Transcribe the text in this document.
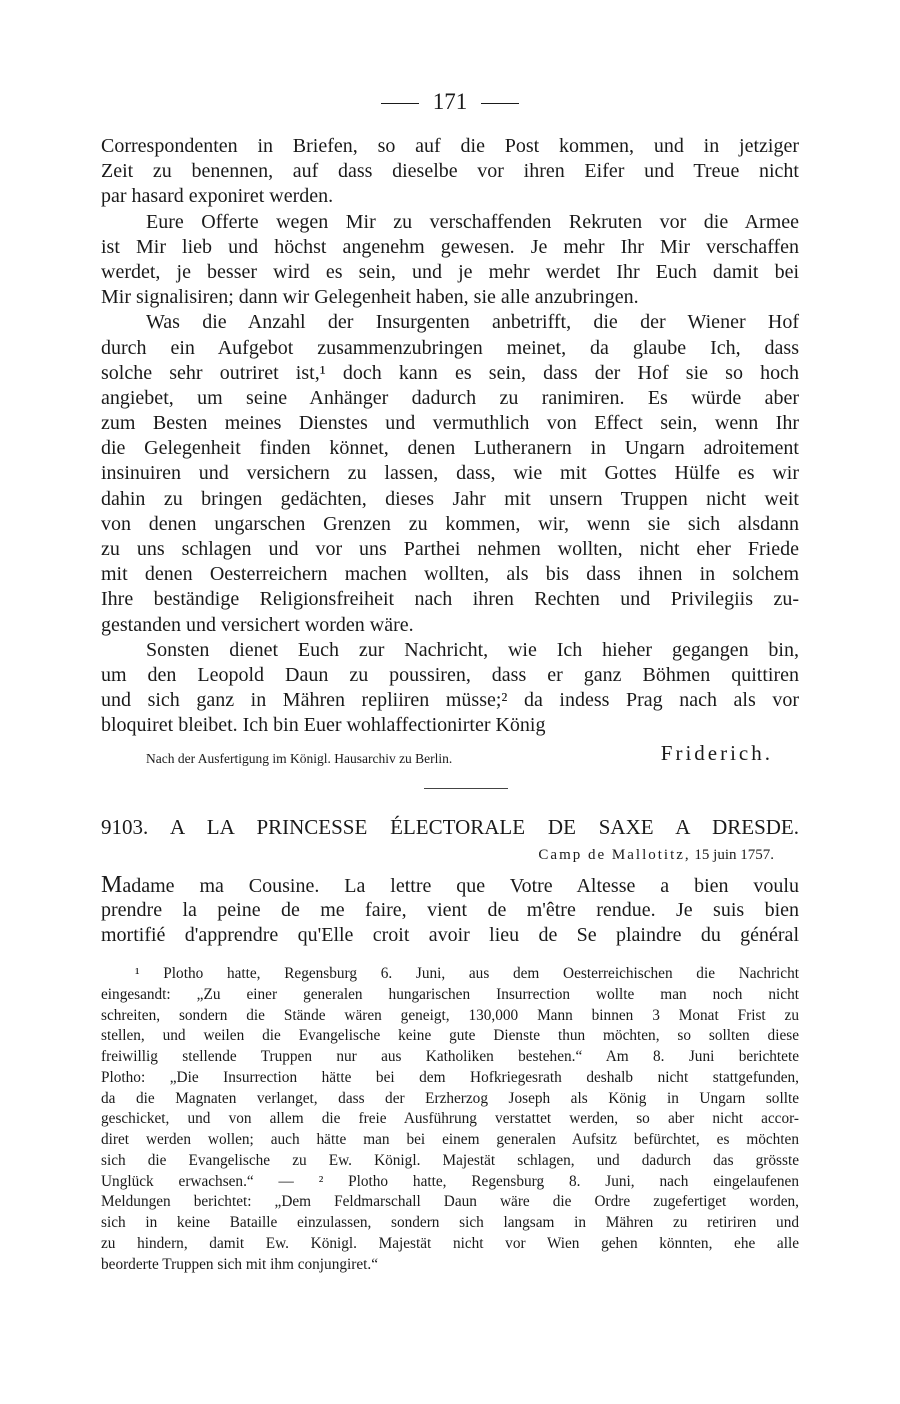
171
Correspondenten in Briefen, so auf die Post kommen, und in jetziger
Zeit zu benennen, auf dass dieselbe vor ihren Eifer und Treue nicht
par hasard exponiret werden.
Eure Offerte wegen Mir zu verschaffenden Rekruten vor die Armee
ist Mir lieb und höchst angenehm gewesen. Je mehr Ihr Mir verschaffen
werdet, je besser wird es sein, und je mehr werdet Ihr Euch damit bei
Mir signalisiren; dann wir Gelegenheit haben, sie alle anzubringen.
Was die Anzahl der Insurgenten anbetrifft, die der Wiener Hof
durch ein Aufgebot zusammenzubringen meinet, da glaube Ich, dass
solche sehr outriret ist,¹ doch kann es sein, dass der Hof sie so hoch
angiebet, um seine Anhänger dadurch zu ranimiren. Es würde aber
zum Besten meines Dienstes und vermuthlich von Effect sein, wenn Ihr
die Gelegenheit finden könnet, denen Lutheranern in Ungarn adroitement
insinuiren und versichern zu lassen, dass, wie mit Gottes Hülfe es wir
dahin zu bringen gedächten, dieses Jahr mit unsern Truppen nicht weit
von denen ungarschen Grenzen zu kommen, wir, wenn sie sich alsdann
zu uns schlagen und vor uns Parthei nehmen wollten, nicht eher Friede
mit denen Oesterreichern machen wollten, als bis dass ihnen in solchem
Ihre beständige Religionsfreiheit nach ihren Rechten und Privilegiis zu-
gestanden und versichert worden wäre.
Sonsten dienet Euch zur Nachricht, wie Ich hieher gegangen bin,
um den Leopold Daun zu poussiren, dass er ganz Böhmen quittiren
und sich ganz in Mähren repliiren müsse;² da indess Prag nach als vor
bloquiret bleibet. Ich bin Euer wohlaffectionirter König
Nach der Ausfertigung im Königl. Hausarchiv zu Berlin.	Friderich.
9103. A LA PRINCESSE ÉLECTORALE DE SAXE A DRESDE.
Camp de Mallotitz, 15 juin 1757.
Madame ma Cousine. La lettre que Votre Altesse a bien voulu
prendre la peine de me faire, vient de m'être rendue. Je suis bien
mortifié d'apprendre qu'Elle croit avoir lieu de Se plaindre du général
¹ Plotho hatte, Regensburg 6. Juni, aus dem Oesterreichischen die Nachricht
eingesandt: „Zu einer generalen hungarischen Insurrection wollte man noch nicht
schreiten, sondern die Stände wären geneigt, 130,000 Mann binnen 3 Monat Frist zu
stellen, und weilen die Evangelische keine gute Dienste thun möchten, so sollten diese
freiwillig stellende Truppen nur aus Katholiken bestehen.“ Am 8. Juni berichtete
Plotho: „Die Insurrection hätte bei dem Hofkriegesrath deshalb nicht stattgefunden,
da die Magnaten verlanget, dass der Erzherzog Joseph als König in Ungarn sollte
geschicket, und von allem die freie Ausführung verstattet werden, so aber nicht accor-
diret werden wollen; auch hätte man bei einem generalen Aufsitz befürchtet, es möchten
sich die Evangelische zu Ew. Königl. Majestät schlagen, und dadurch das grösste
Unglück erwachsen.“ — ² Plotho hatte, Regensburg 8. Juni, nach eingelaufenen
Meldungen berichtet: „Dem Feldmarschall Daun wäre die Ordre zugefertiget worden,
sich in keine Bataille einzulassen, sondern sich langsam in Mähren zu retiriren und
zu hindern, damit Ew. Königl. Majestät nicht vor Wien gehen könnten, ehe alle
beorderte Truppen sich mit ihm conjungiret.“
